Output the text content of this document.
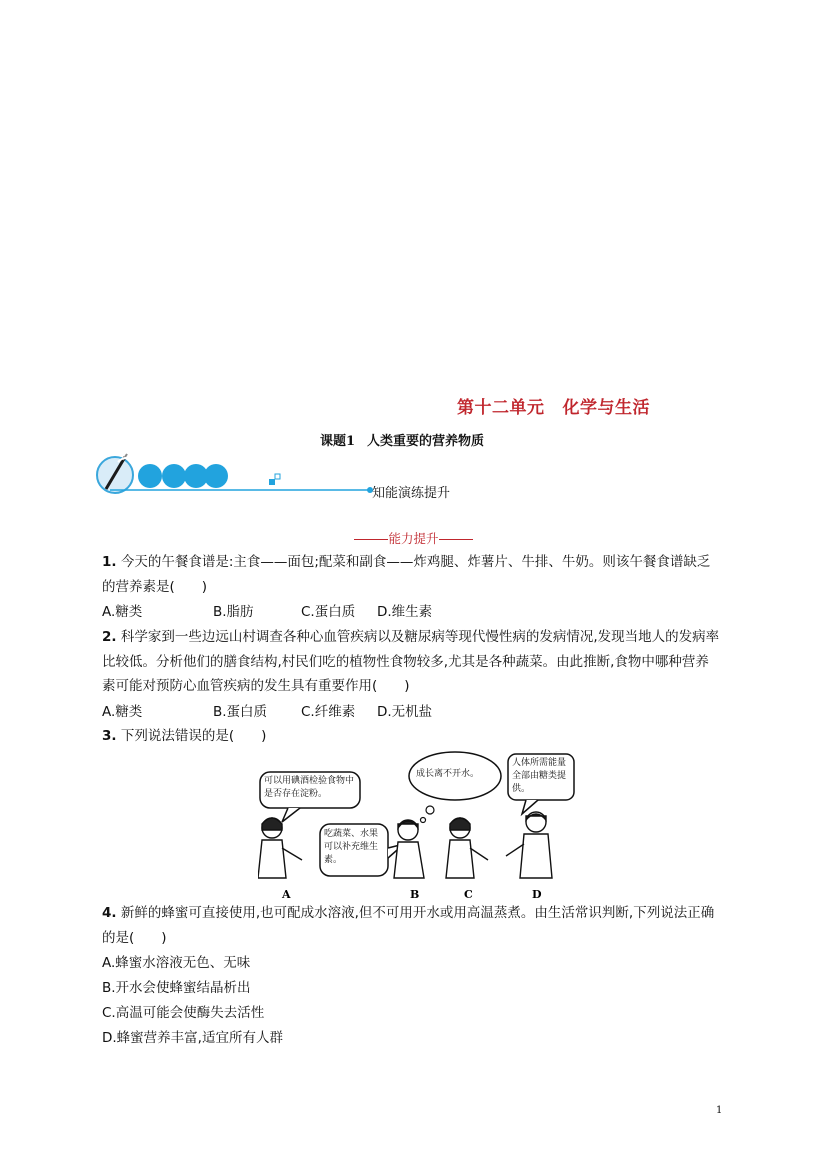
第十二单元 化学与生活
课题1 人类重要的营养物质
知能演练提升
能力提升
1. 今天的午餐食谱是:主食——面包;配菜和副食——炸鸡腿、炸薯片、牛排、牛奶。则该午餐食谱缺乏的营养素是(　　)
A.糖类	B.脂肪	C.蛋白质 D.维生素
2. 科学家到一些边远山村调查各种心血管疾病以及糖尿病等现代慢性病的发病情况,发现当地人的发病率比较低。分析他们的膳食结构,村民们吃的植物性食物较多,尤其是各种蔬菜。由此推断,食物中哪种营养素可能对预防心血管疾病的发生具有重要作用(　　)
A.糖类	B.蛋白质	C.纤维素 D.无机盐
3. 下列说法错误的是(　　)
可以用碘酒检验食物中是否存在淀粉。
吃蔬菜、水果可以补充维生素。
成长离不开水。
人体所需能量全部由糖类提供。
A	B	C	D
4. 新鲜的蜂蜜可直接使用,也可配成水溶液,但不可用开水或用高温蒸煮。由生活常识判断,下列说法正确的是(　　)
A.蜂蜜水溶液无色、无味
B.开水会使蜂蜜结晶析出
C.高温可能会使酶失去活性
D.蜂蜜营养丰富,适宜所有人群
1
